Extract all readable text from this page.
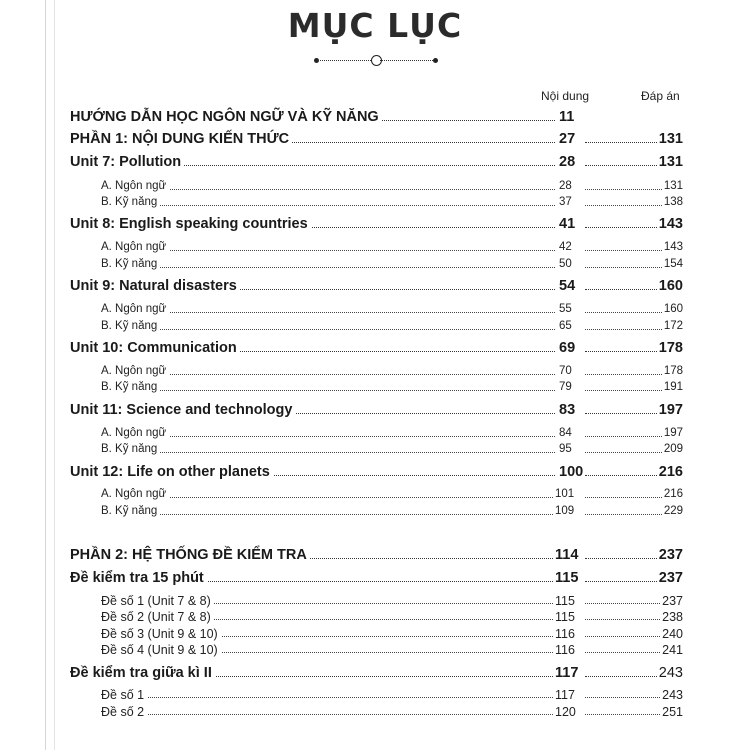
MỤC LỤC
Nội dung	Đáp án
HƯỚNG DẪN HỌC NGÔN NGỮ VÀ KỸ NĂNG	11
PHẦN 1: NỘI DUNG KIẾN THỨC	27	131
Unit 7: Pollution	28	131
A. Ngôn ngữ	28	131
B. Kỹ năng	37	138
Unit 8: English speaking countries	41	143
A. Ngôn ngữ	42	143
B. Kỹ năng	50	154
Unit 9: Natural disasters	54	160
A. Ngôn ngữ	55	160
B. Kỹ năng	65	172
Unit 10: Communication	69	178
A. Ngôn ngữ	70	178
B. Kỹ năng	79	191
Unit 11: Science and technology	83	197
A. Ngôn ngữ	84	197
B. Kỹ năng	95	209
Unit 12: Life on other planets	100	216
A. Ngôn ngữ	101	216
B. Kỹ năng	109	229
PHẦN 2: HỆ THỐNG ĐỀ KIỂM TRA	114	237
Đề kiểm tra 15 phút	115	237
Đề số 1 (Unit 7 & 8)	115	237
Đề số 2 (Unit 7 & 8)	115	238
Đề số 3 (Unit 9 & 10)	116	240
Đề số 4 (Unit 9 & 10)	116	241
Đề kiểm tra giữa kì II	117	243
Đề số 1	117	243
Đề số 2	120	251
